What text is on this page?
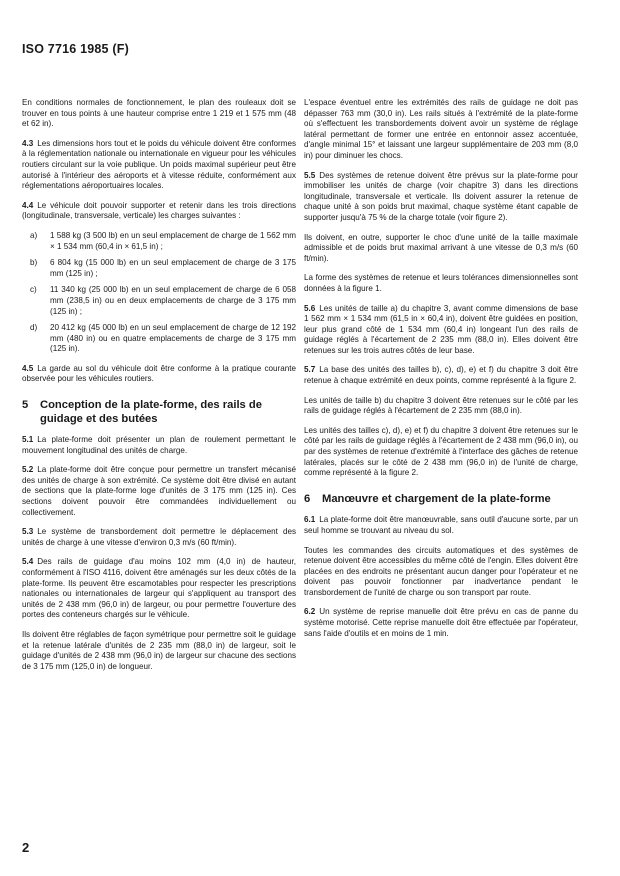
ISO 7716 1985 (F)

En conditions normales de fonctionnement, le plan des rouleaux doit se trouver en tous points à une hauteur comprise entre 1 219 et 1 575 mm (48 et 62 in).

4.3 Les dimensions hors tout et le poids du véhicule doivent être conformes à la réglementation nationale ou internationale en vigueur pour les véhicules routiers circulant sur la voie publique. Un poids maximal supérieur peut être autorisé à l'intérieur des aéroports et à vitesse réduite, conformément aux réglementations aéroportuaires locales.

4.4 Le véhicule doit pouvoir supporter et retenir dans les trois directions (longitudinale, transversale, verticale) les charges suivantes :

a)	1 588 kg (3 500 lb) en un seul emplacement de charge de 1 562 mm × 1 534 mm (60,4 in × 61,5 in) ;
b)	6 804 kg (15 000 lb) en un seul emplacement de charge de 3 175 mm (125 in) ;
c)	11 340 kg (25 000 lb) en un seul emplacement de charge de 6 058 mm (238,5 in) ou en deux emplacements de charge de 3 175 mm (125 in) ;
d)	20 412 kg (45 000 lb) en un seul emplacement de charge de 12 192 mm (480 in) ou en quatre emplacements de charge de 3 175 mm (125 in).

4.5 La garde au sol du véhicule doit être conforme à la pratique courante observée pour les véhicules routiers.

5	Conception de la plate-forme, des rails de guidage et des butées

5.1 La plate-forme doit présenter un plan de roulement permettant le mouvement longitudinal des unités de charge.

5.2 La plate-forme doit être conçue pour permettre un transfert mécanisé des unités de charge à son extrémité. Ce système doit être divisé en autant de sections que la plate-forme loge d'unités de 3 175 mm (125 in). Ces sections doivent pouvoir être commandées individuellement ou collectivement.

5.3 Le système de transbordement doit permettre le déplacement des unités de charge à une vitesse d'environ 0,3 m/s (60 ft/min).

5.4 Des rails de guidage d'au moins 102 mm (4,0 in) de hauteur, conformément à l'ISO 4116, doivent être aménagés sur les deux côtés de la plate-forme. Ils peuvent être escamotables pour respecter les prescriptions nationales ou internationales de largeur qui s'appliquent au transport des unités de 2 438 mm (96,0 in) de largeur, ou pour permettre l'ouverture des portes des conteneurs chargés sur le véhicule.

Ils doivent être réglables de façon symétrique pour permettre soit le guidage et la retenue latérale d'unités de 2 235 mm (88,0 in) de largeur, soit le guidage d'unités de 2 438 mm (96,0 in) de largeur sur chacune des sections de 3 175 mm (125,0 in) de longueur.

L'espace éventuel entre les extrémités des rails de guidage ne doit pas dépasser 763 mm (30,0 in). Les rails situés à l'extrémité de la plate-forme où s'effectuent les transbordements doivent avoir un système de réglage latéral permettant de former une entrée en entonnoir assez accentuée, d'angle minimal 15° et laissant une largeur supplémentaire de 203 mm (8,0 in) pour diminuer les chocs.

5.5 Des systèmes de retenue doivent être prévus sur la plate-forme pour immobiliser les unités de charge (voir chapitre 3) dans les directions longitudinale, transversale et verticale. Ils doivent assurer la retenue de chaque unité à son poids brut maximal, chaque système étant capable de supporter jusqu'à 75 % de la charge totale (voir figure 2).

Ils doivent, en outre, supporter le choc d'une unité de la taille maximale admissible et de poids brut maximal arrivant à une vitesse de 0,3 m/s (60 ft/min).

La forme des systèmes de retenue et leurs tolérances dimensionnelles sont données à la figure 1.

5.6 Les unités de taille a) du chapitre 3, avant comme dimensions de base 1 562 mm × 1 534 mm (61,5 in × 60,4 in), doivent être guidées en position, leur plus grand côté de 1 534 mm (60,4 in) longeant l'un des rails de guidage réglés à l'écartement de 2 235 mm (88,0 in). Elles doivent être retenues sur les trois autres côtés de leur base.

5.7 La base des unités des tailles b), c), d), e) et f) du chapitre 3 doit être retenue à chaque extrémité en deux points, comme représenté à la figure 2.

Les unités de taille b) du chapitre 3 doivent être retenues sur le côté par les rails de guidage réglés à l'écartement de 2 235 mm (88,0 in).

Les unités des tailles c), d), e) et f) du chapitre 3 doivent être retenues sur le côté par les rails de guidage réglés à l'écartement de 2 438 mm (96,0 in), ou par des systèmes de retenue d'extrémité à l'interface des gâches de retenue latérales, placés sur le côté de 2 438 mm (96,0 in) de l'unité de charge, comme représenté à la figure 2.

6	Manœuvre et chargement de la plate-forme

6.1 La plate-forme doit être manœuvrable, sans outil d'aucune sorte, par un seul homme se trouvant au niveau du sol.

Toutes les commandes des circuits automatiques et des systèmes de retenue doivent être accessibles du même côté de l'engin. Elles doivent être placées en des endroits ne présentant aucun danger pour l'opérateur et ne doivent pas pouvoir fonctionner par inadvertance pendant le transbordement de l'unité de charge ou son transport par route.

6.2 Un système de reprise manuelle doit être prévu en cas de panne du système motorisé. Cette reprise manuelle doit être effectuée par l'opérateur, sans l'aide d'outils et en moins de 1 min.

2
